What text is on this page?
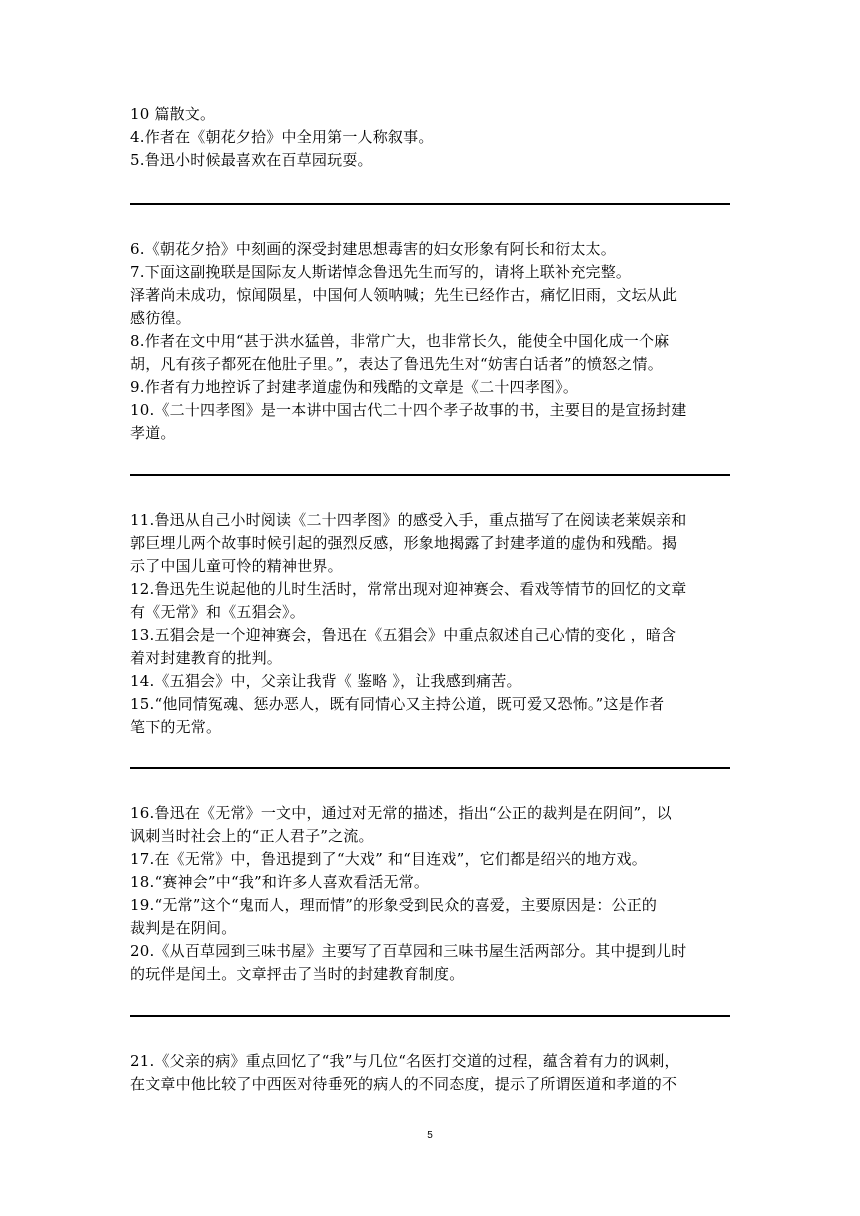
10 篇散文。
4.作者在《朝花夕拾》中全用第一人称叙事。
5.鲁迅小时候最喜欢在百草园玩耍。
6.《朝花夕拾》中刻画的深受封建思想毒害的妇女形象有阿长和衍太太。
7.下面这副挽联是国际友人斯诺悼念鲁迅先生而写的，请将上联补充完整。
泽著尚未成功，惊闻陨星，中国何人领呐喊；先生已经作古，痛忆旧雨，文坛从此
感彷徨。
8.作者在文中用“甚于洪水猛兽，非常广大，也非常长久，能使全中国化成一个麻
胡，凡有孩子都死在他肚子里。”，表达了鲁迅先生对“妨害白话者”的愤怒之情。
9.作者有力地控诉了封建孝道虚伪和残酷的文章是《二十四孝图》。
10.《二十四孝图》是一本讲中国古代二十四个孝子故事的书，主要目的是宣扬封建
孝道。
11.鲁迅从自己小时阅读《二十四孝图》的感受入手，重点描写了在阅读老莱娱亲和
郭巨埋儿两个故事时候引起的强烈反感，形象地揭露了封建孝道的虚伪和残酷。揭
示了中国儿童可怜的精神世界。
12.鲁迅先生说起他的儿时生活时，常常出现对迎神赛会、看戏等情节的回忆的文章
有《无常》和《五猖会》。
13.五猖会是一个迎神赛会，鲁迅在《五猖会》中重点叙述自己心情的变化 ，暗含
着对封建教育的批判。
14.《五猖会》中，父亲让我背《 鉴略 》，让我感到痛苦。
15.“他同情冤魂、惩办恶人，既有同情心又主持公道，既可爱又恐怖。”这是作者
笔下的无常。
16.鲁迅在《无常》一文中，通过对无常的描述，指出“公正的裁判是在阴间”，以
讽刺当时社会上的“正人君子”之流。
17.在《无常》中，鲁迅提到了“大戏” 和“目连戏”，它们都是绍兴的地方戏。
18.“赛神会”中“我”和许多人喜欢看活无常。
19.“无常”这个“鬼而人，理而情”的形象受到民众的喜爱，主要原因是：公正的
裁判是在阴间。
20.《从百草园到三味书屋》主要写了百草园和三味书屋生活两部分。其中提到儿时
的玩伴是闰土。文章抨击了当时的封建教育制度。
21.《父亲的病》重点回忆了“我”与几位“名医打交道的过程，蕴含着有力的讽刺，
在文章中他比较了中西医对待垂死的病人的不同态度，提示了所谓医道和孝道的不
5
